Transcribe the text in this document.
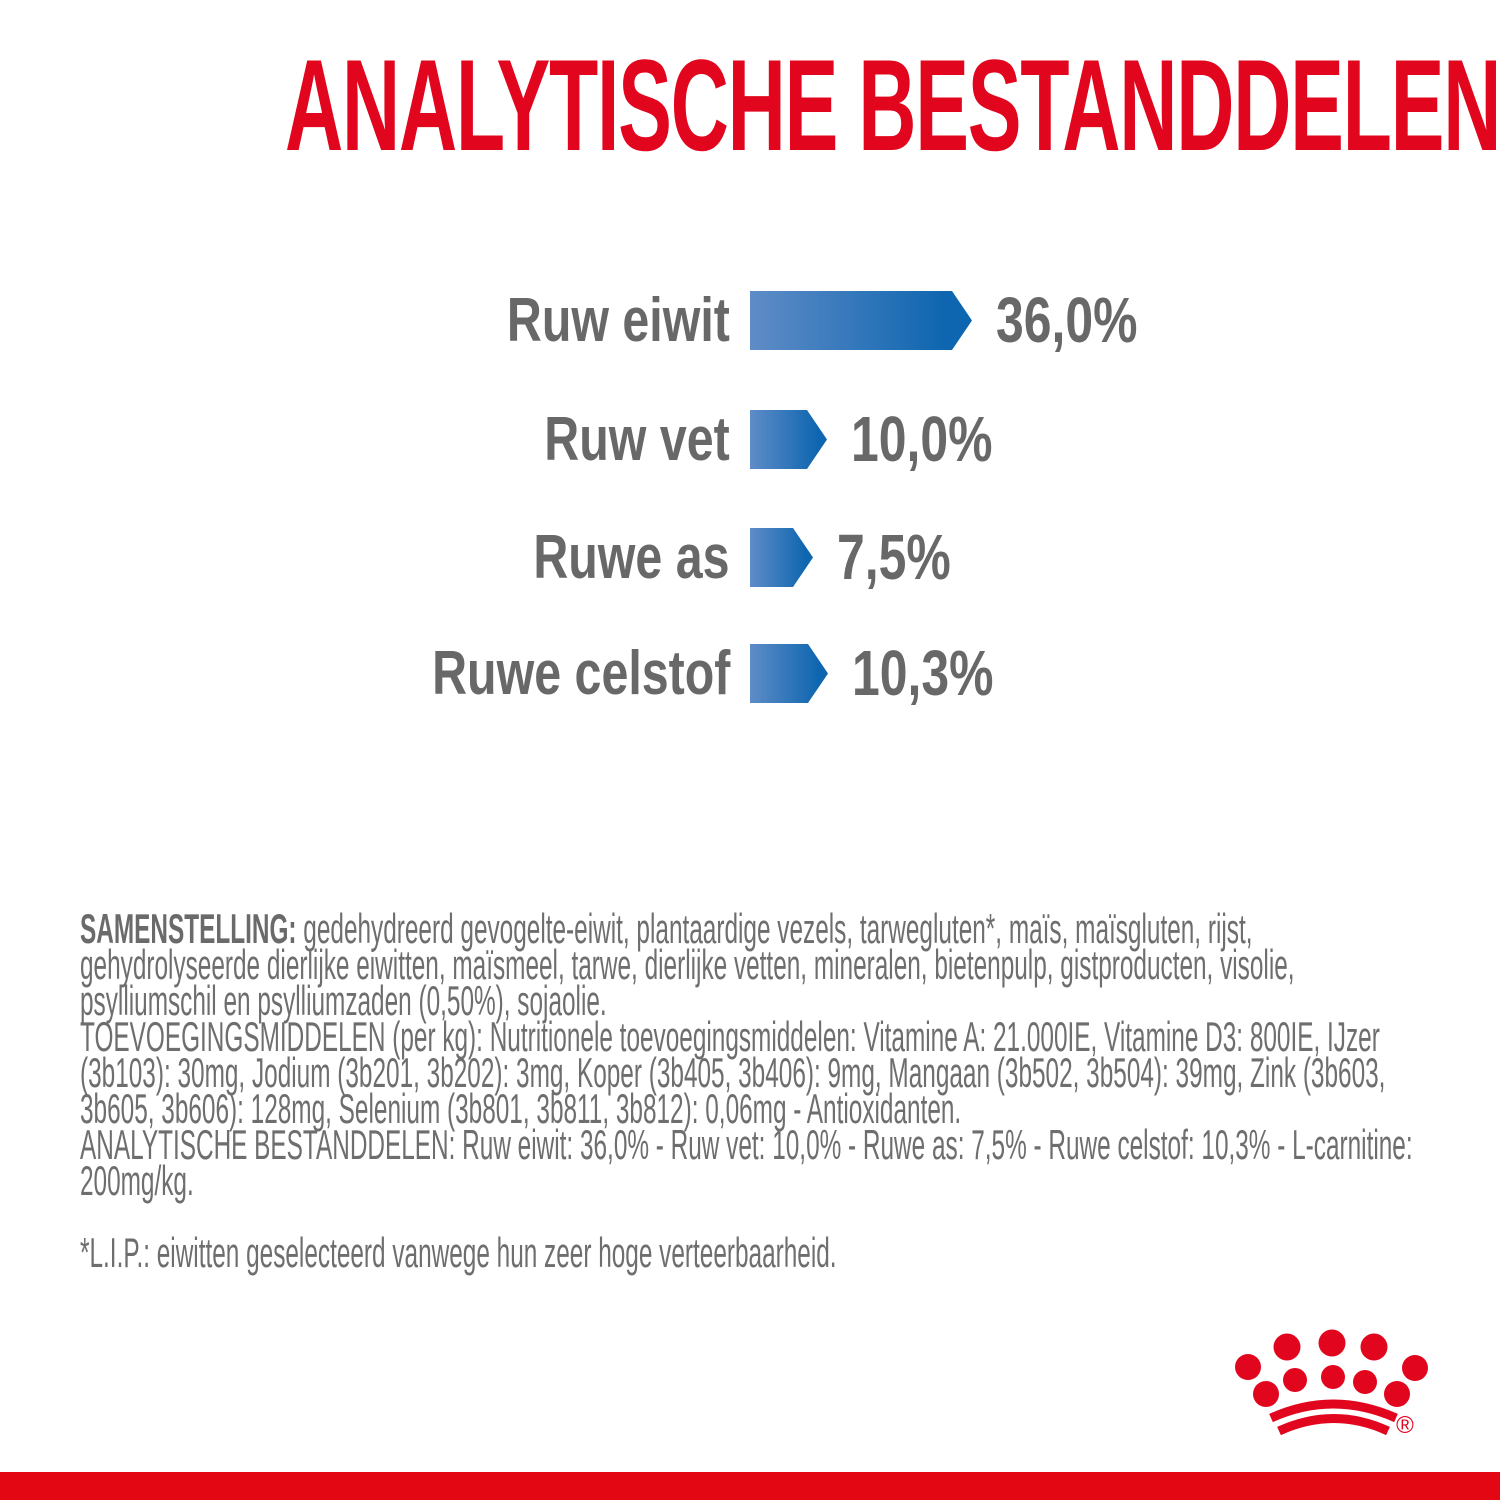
ANALYTISCHE BESTANDDELEN
Ruw eiwit	36,0%
Ruw vet 10,0%
Ruwe as 7,5%
Ruwe celstof 10,3%
SAMENSTELLING: gedehydreerd gevogelte-eiwit, plantaardige vezels, tarwegluten*, maïs, maïsgluten, rijst,
gehydrolyseerde dierlijke eiwitten, maïsmeel, tarwe, dierlijke vetten, mineralen, bietenpulp, gistproducten, visolie,
psylliumschil en psylliumzaden (0,50%), sojaolie.
TOEVOEGINGSMIDDELEN (per kg): Nutritionele toevoegingsmiddelen: Vitamine A: 21.000IE, Vitamine D3: 800IE, IJzer
(3b103): 30mg, Jodium (3b201, 3b202): 3mg, Koper (3b405, 3b406): 9mg, Mangaan (3b502, 3b504): 39mg, Zink (3b603,
3b605, 3b606): 128mg, Selenium (3b801, 3b811, 3b812): 0,06mg - Antioxidanten.
ANALYTISCHE BESTANDDELEN: Ruw eiwit: 36,0% - Ruw vet: 10,0% - Ruwe as: 7,5% - Ruwe celstof: 10,3% - L-carnitine:
200mg/kg.
*L.I.P.: eiwitten geselecteerd vanwege hun zeer hoge verteerbaarheid.
®
